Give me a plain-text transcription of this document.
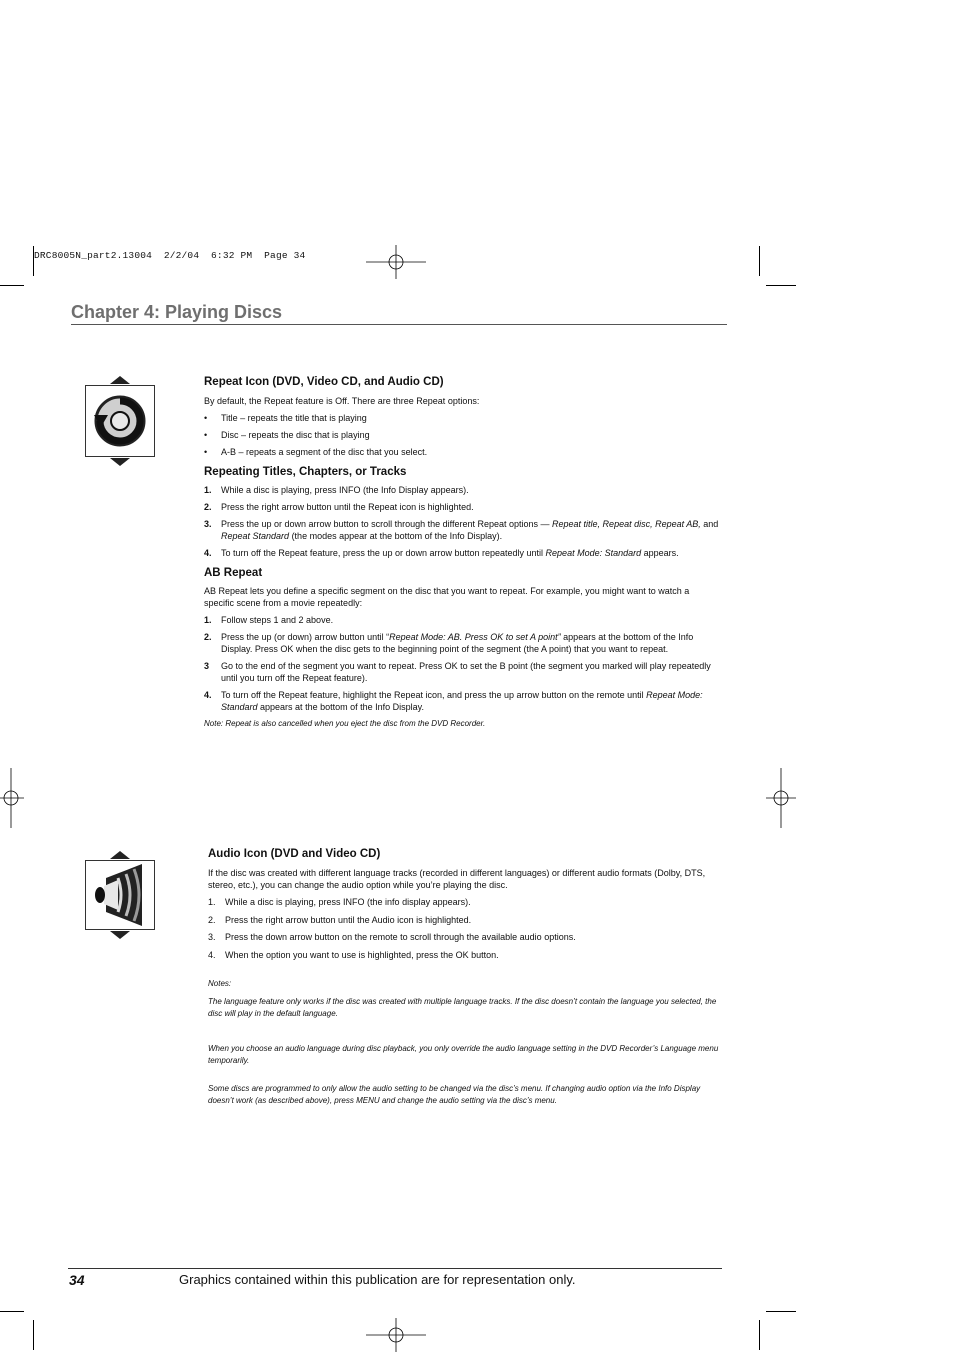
DRC8005N_part2.13004  2/2/04  6:32 PM  Page 34
Chapter 4: Playing Discs
Repeat Icon (DVD, Video CD, and Audio CD)

By default, the Repeat feature is Off. There are three Repeat options:

• Title – repeats the title that is playing
• Disc – repeats the disc that is playing
• A-B – repeats a segment of the disc that you select.
Repeating Titles, Chapters, or Tracks
1. While a disc is playing, press INFO (the Info Display appears).
2. Press the right arrow button until the Repeat icon is highlighted.
3. Press the up or down arrow button to scroll through the different Repeat options — Repeat title, Repeat disc, Repeat AB, and Repeat Standard (the modes appear at the bottom of the Info Display).
4. To turn off the Repeat feature, press the up or down arrow button repeatedly until Repeat Mode: Standard appears.
AB Repeat

AB Repeat lets you define a specific segment on the disc that you want to repeat. For example, you might want to watch a specific scene from a movie repeatedly:

1. Follow steps 1 and 2 above.
2. Press the up (or down) arrow button until “Repeat Mode: AB. Press OK to set A point” appears at the bottom of the Info Display. Press OK when the disc gets to the beginning point of the segment (the A point) that you want to repeat.
3 Go to the end of the segment you want to repeat. Press OK to set the B point (the segment you marked will play repeatedly until you turn off the Repeat feature).
4. To turn off the Repeat feature, highlight the Repeat icon, and press the up arrow button on the remote until Repeat Mode: Standard appears at the bottom of the Info Display.

Note: Repeat is also cancelled when you eject the disc from the DVD Recorder.

Audio Icon (DVD and Video CD)

If the disc was created with different language tracks (recorded in different languages) or different audio formats (Dolby, DTS, stereo, etc.), you can change the audio option while you’re playing the disc.

1. While a disc is playing, press INFO (the info display appears).
2. Press the right arrow button until the Audio icon is highlighted.
3. Press the down arrow button on the remote to scroll through the available audio options.
4. When the option you want to use is highlighted, press the OK button.

Notes:

The language feature only works if the disc was created with multiple language tracks. If the disc doesn’t contain the language you selected, the disc will play in the default language.

When you choose an audio language during disc playback, you only override the audio language setting in the DVD Recorder’s Language menu temporarily.

Some discs are programmed to only allow the audio setting to be changed via the disc’s menu. If changing audio option via the Info Display doesn’t work (as described above), press MENU and change the audio setting via the disc’s menu.

34	Graphics contained within this publication are for representation only.
